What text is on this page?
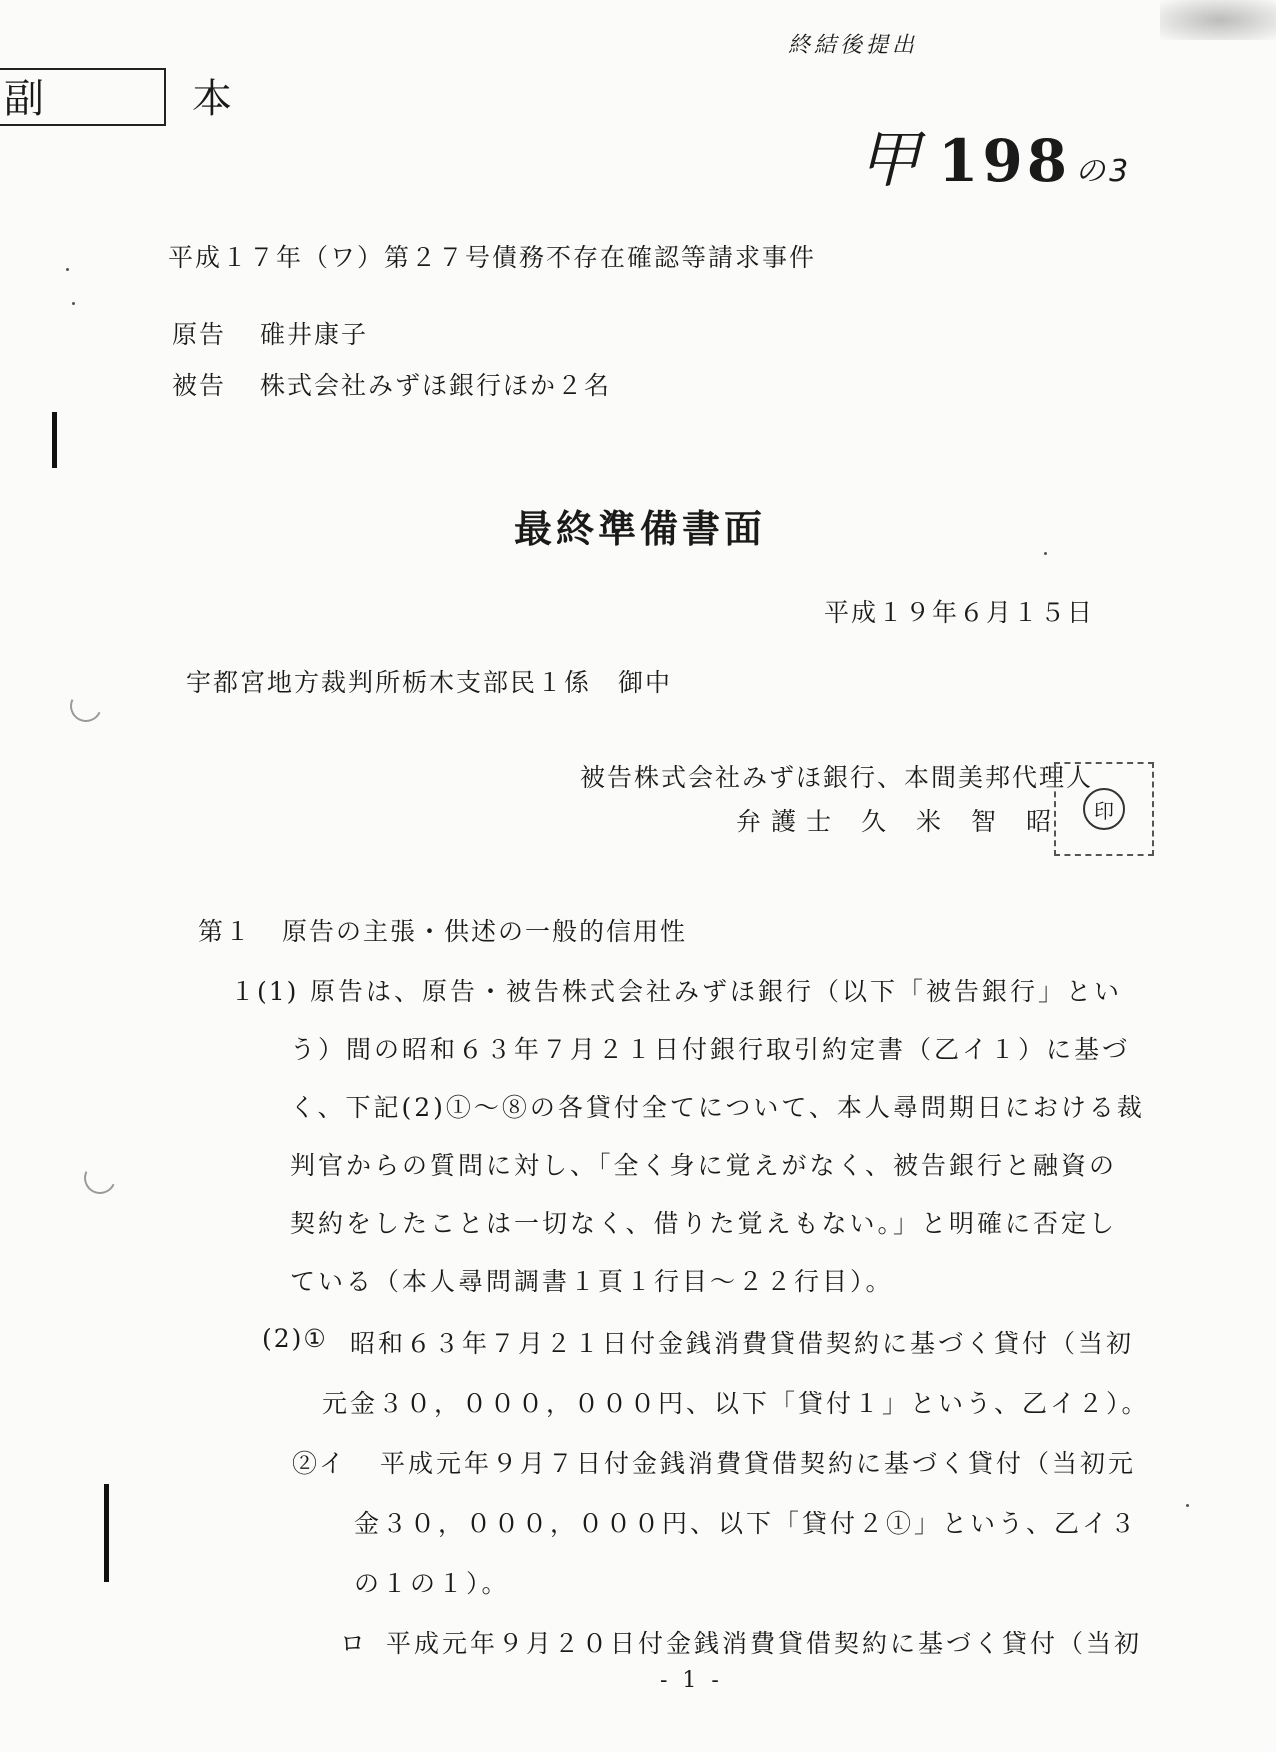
副　本
終結後提出
甲 198 の3
平成１７年（ワ）第２７号債務不存在確認等請求事件
原告 碓井康子
被告 株式会社みずほ銀行ほか２名
最終準備書面
平成１９年６月１５日
宇都宮地方裁判所栃木支部民１係　御中
被告株式会社みずほ銀行、本間美邦代理人
弁護士 久 米 智 昭	印
第１ 原告の主張・供述の一般的信用性
１(1) 原告は、原告・被告株式会社みずほ銀行（以下「被告銀行」とい
う）間の昭和６３年７月２１日付銀行取引約定書（乙イ１）に基づ
く、下記(2)①～⑧の各貸付全てについて、本人尋問期日における裁
判官からの質問に対し、「全く身に覚えがなく、被告銀行と融資の
契約をしたことは一切なく、借りた覚えもない。」と明確に否定し
ている（本人尋問調書１頁１行目～２２行目）。
(2)① 昭和６３年７月２１日付金銭消費貸借契約に基づく貸付（当初
元金３０，０００，０００円、以下「貸付１」という、乙イ２）。
②イ 平成元年９月７日付金銭消費貸借契約に基づく貸付（当初元
金３０，０００，０００円、以下「貸付２①」という、乙イ３
の１の１）。
ロ 平成元年９月２０日付金銭消費貸借契約に基づく貸付（当初
- 1 -
